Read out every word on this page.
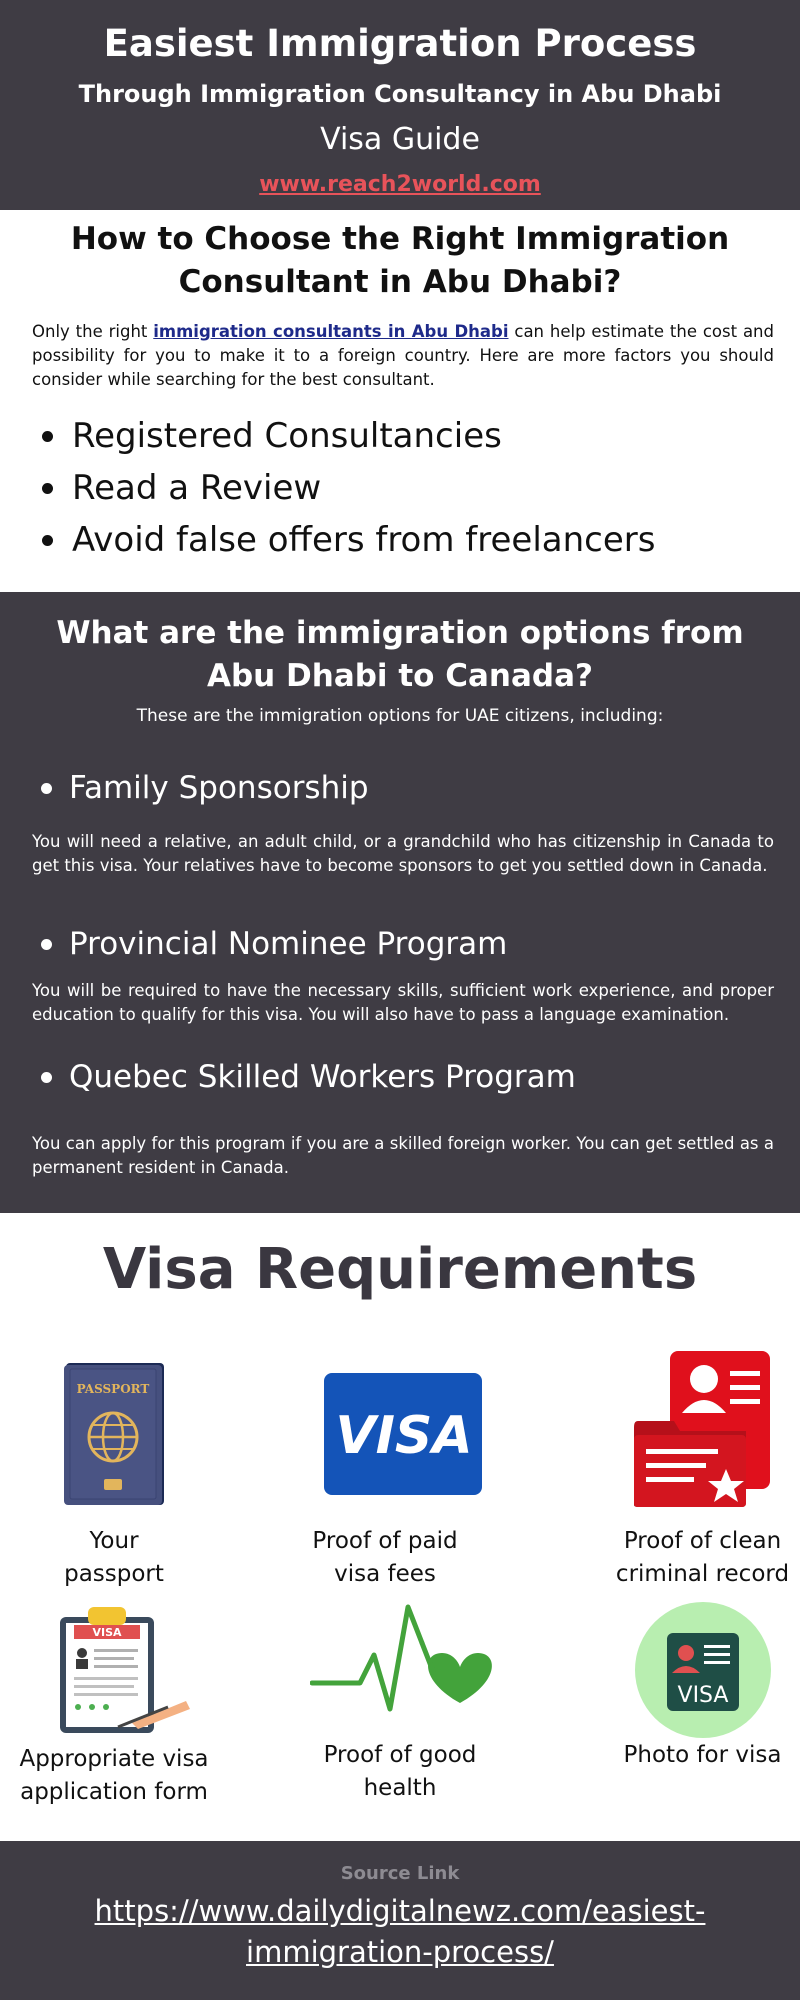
Easiest Immigration Process
Through Immigration Consultancy in Abu Dhabi
Visa Guide
www.reach2world.com
How to Choose the Right Immigration Consultant in Abu Dhabi?
Only the right immigration consultants in Abu Dhabi can help estimate the cost and possibility for you to make it to a foreign country. Here are more factors you should consider while searching for the best consultant.
Registered Consultancies
Read a Review
Avoid false offers from freelancers
What are the immigration options from Abu Dhabi to Canada?
These are the immigration options for UAE citizens, including:
Family Sponsorship
You will need a relative, an adult child, or a grandchild who has citizenship in Canada to get this visa. Your relatives have to become sponsors to get you settled down in Canada.
Provincial Nominee Program
You will be required to have the necessary skills, sufficient work experience, and proper education to qualify for this visa. You will also have to pass a language examination.
Quebec Skilled Workers Program
You can apply for this program if you are a skilled foreign worker. You can get settled as a permanent resident in Canada.
Visa Requirements
PASSPORT
VISA
Your
passport
Proof of paid
visa fees
Proof of clean
criminal record
VISA
VISA
Appropriate visa
application form
Proof of good
health
Photo for visa
Source Link
https://www.dailydigitalnewz.com/easiest-immigration-process/
